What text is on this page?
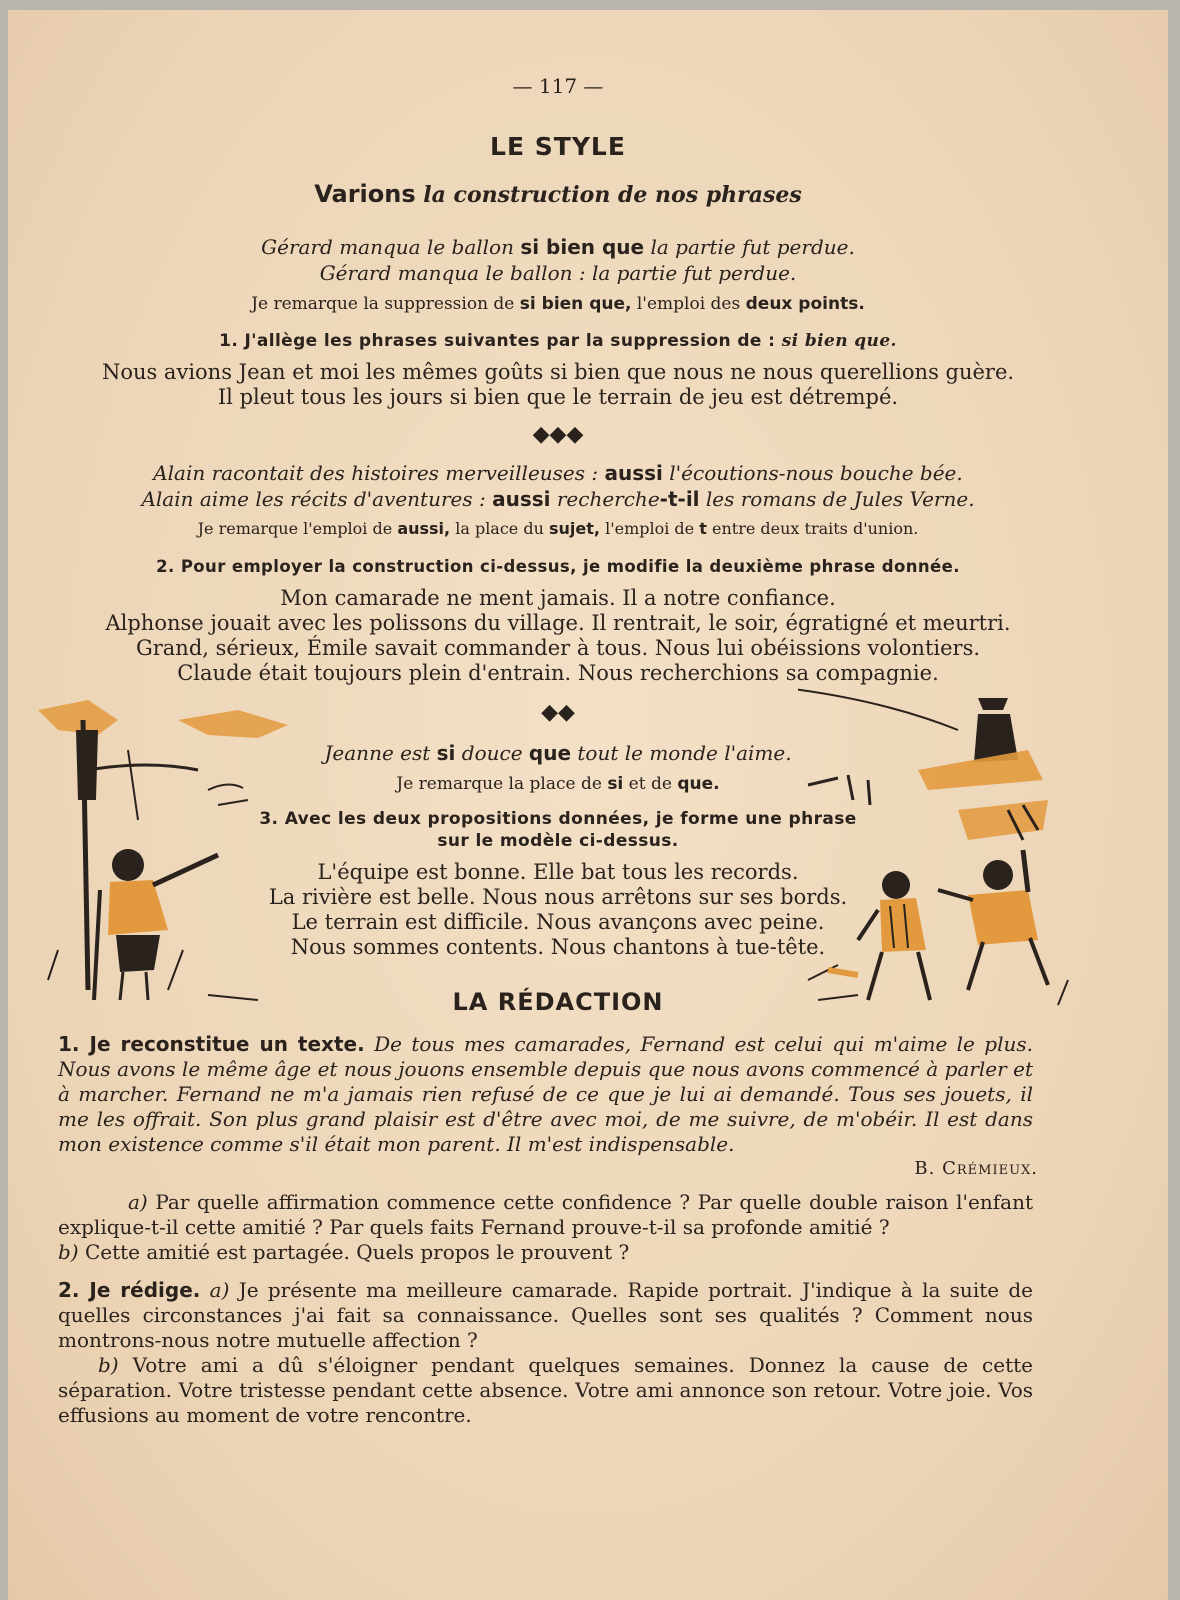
— 117 —
LE STYLE
Varions la construction de nos phrases
Gérard manqua le ballon si bien que la partie fut perdue.
Gérard manqua le ballon : la partie fut perdue.
Je remarque la suppression de si bien que, l'emploi des deux points.
1. J'allège les phrases suivantes par la suppression de : si bien que.
Nous avions Jean et moi les mêmes goûts si bien que nous ne nous querellions guère.
Il pleut tous les jours si bien que le terrain de jeu est détrempé.
◆◆◆
Alain racontait des histoires merveilleuses : aussi l'écoutions-nous bouche bée.
Alain aime les récits d'aventures : aussi recherche-t-il les romans de Jules Verne.
Je remarque l'emploi de aussi, la place du sujet, l'emploi de t entre deux traits d'union.
2. Pour employer la construction ci-dessus, je modifie la deuxième phrase donnée.
Mon camarade ne ment jamais. Il a notre confiance.
Alphonse jouait avec les polissons du village. Il rentrait, le soir, égratigné et meurtri.
Grand, sérieux, Émile savait commander à tous. Nous lui obéissions volontiers.
Claude était toujours plein d'entrain. Nous recherchions sa compagnie.
◆◆
Jeanne est si douce que tout le monde l'aime.
Je remarque la place de si et de que.
3. Avec les deux propositions données, je forme une phrase
sur le modèle ci-dessus.
L'équipe est bonne. Elle bat tous les records.
La rivière est belle. Nous nous arrêtons sur ses bords.
Le terrain est difficile. Nous avançons avec peine.
Nous sommes contents. Nous chantons à tue-tête.
LA RÉDACTION
1. Je reconstitue un texte. De tous mes camarades, Fernand est celui qui m'aime le plus. Nous avons le même âge et nous jouons ensemble depuis que nous avons commencé à parler et à marcher. Fernand ne m'a jamais rien refusé de ce que je lui ai demandé. Tous ses jouets, il me les offrait. Son plus grand plaisir est d'être avec moi, de me suivre, de m'obéir. Il est dans mon existence comme s'il était mon parent. Il m'est indispensable.
B. Crémieux.
a) Par quelle affirmation commence cette confidence ? Par quelle double raison l'enfant explique-t-il cette amitié ? Par quels faits Fernand prouve-t-il sa profonde amitié ?
b) Cette amitié est partagée. Quels propos le prouvent ?
2. Je rédige. a) Je présente ma meilleure camarade. Rapide portrait. J'indique à la suite de quelles circonstances j'ai fait sa connaissance. Quelles sont ses qualités ? Comment nous montrons-nous notre mutuelle affection ?
b) Votre ami a dû s'éloigner pendant quelques semaines. Donnez la cause de cette séparation. Votre tristesse pendant cette absence. Votre ami annonce son retour. Votre joie. Vos effusions au moment de votre rencontre.
